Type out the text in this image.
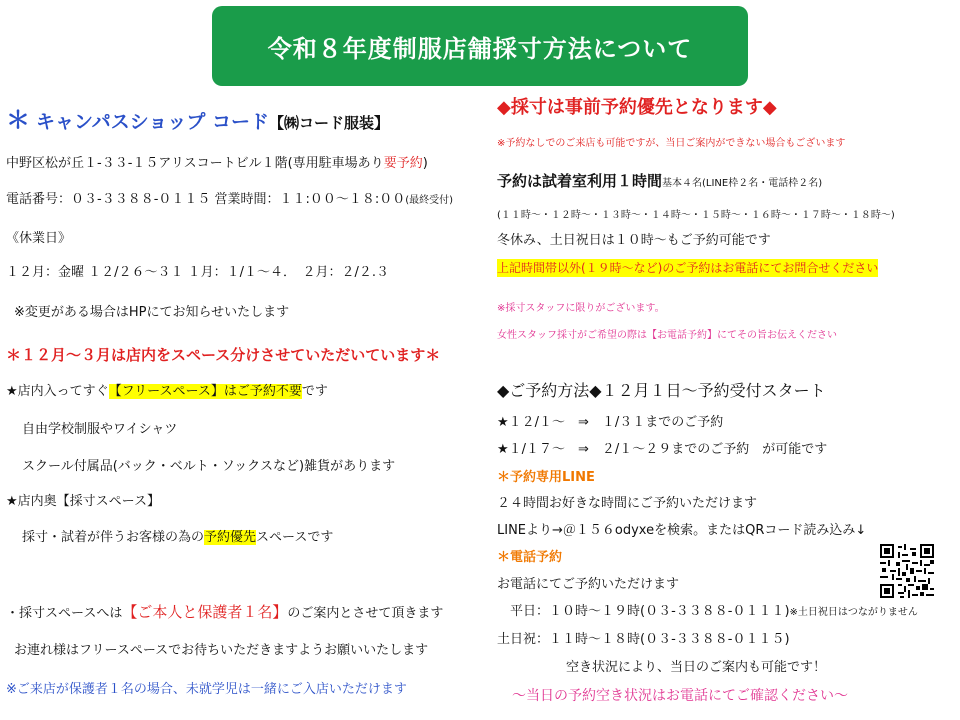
令和８年度制服店舗採寸方法について
＊ キャンパスショップ コード【㈱コード服装】
中野区松が丘１-３３-１５アリスコートビル１階(専用駐車場あり要予約)
電話番号：０３-３３８８-０１１５ 営業時間：１１:００～１８:００(最終受付)
《休業日》
１２月：金曜 １２/２６～３１ １月：１/１～４．　２月：２/２.３
※変更がある場合はHPにてお知らせいたします
＊１２月～３月は店内をスペース分けさせていただいています＊
★店内入ってすぐ【フリースペース】はご予約不要です
自由学校制服やワイシャツ
スクール付属品(バック・ベルト・ソックスなど)雑貨があります
★店内奥【採寸スペース】
採寸・試着が伴うお客様の為の予約優先スペースです
・採寸スペースへは【ご本人と保護者１名】のご案内とさせて頂きます
お連れ様はフリースペースでお待ちいただきますようお願いいたします
※ご来店が保護者１名の場合、未就学児は一緒にご入店いただけます
◆採寸は事前予約優先となります◆
※予約なしでのご来店も可能ですが、当日ご案内ができない場合もございます
予約は試着室利用１時間基本４名(LINE枠２名・電話枠２名)
(１１時～・１２時～・１３時～・１４時～・１５時～・１６時～・１７時～・１８時～)
冬休み、土日祝日は１０時～もご予約可能です
上記時間帯以外(１９時～など)のご予約はお電話にてお問合せください
※採寸スタッフに限りがございます。
女性スタッフ採寸がご希望の際は【お電話予約】にてその旨お伝えください
◆ご予約方法◆１２月１日～予約受付スタート
★１２/１～　⇒　１/３１までのご予約
★１/１７～　⇒　２/１～２９までのご予約　が可能です
＊予約専用LINE
２４時間お好きな時間にご予約いただけます
LINEより→＠１５６odyxeを検索。またはQRコード読み込み↓
＊電話予約
お電話にてご予約いただけます
平日：１０時～１９時(０３-３３８８-０１１１)※土日祝日はつながりません
土日祝：１１時～１８時(０３-３３８８-０１１５)
空き状況により、当日のご案内も可能です！
～当日の予約空き状況はお電話にてご確認ください～
